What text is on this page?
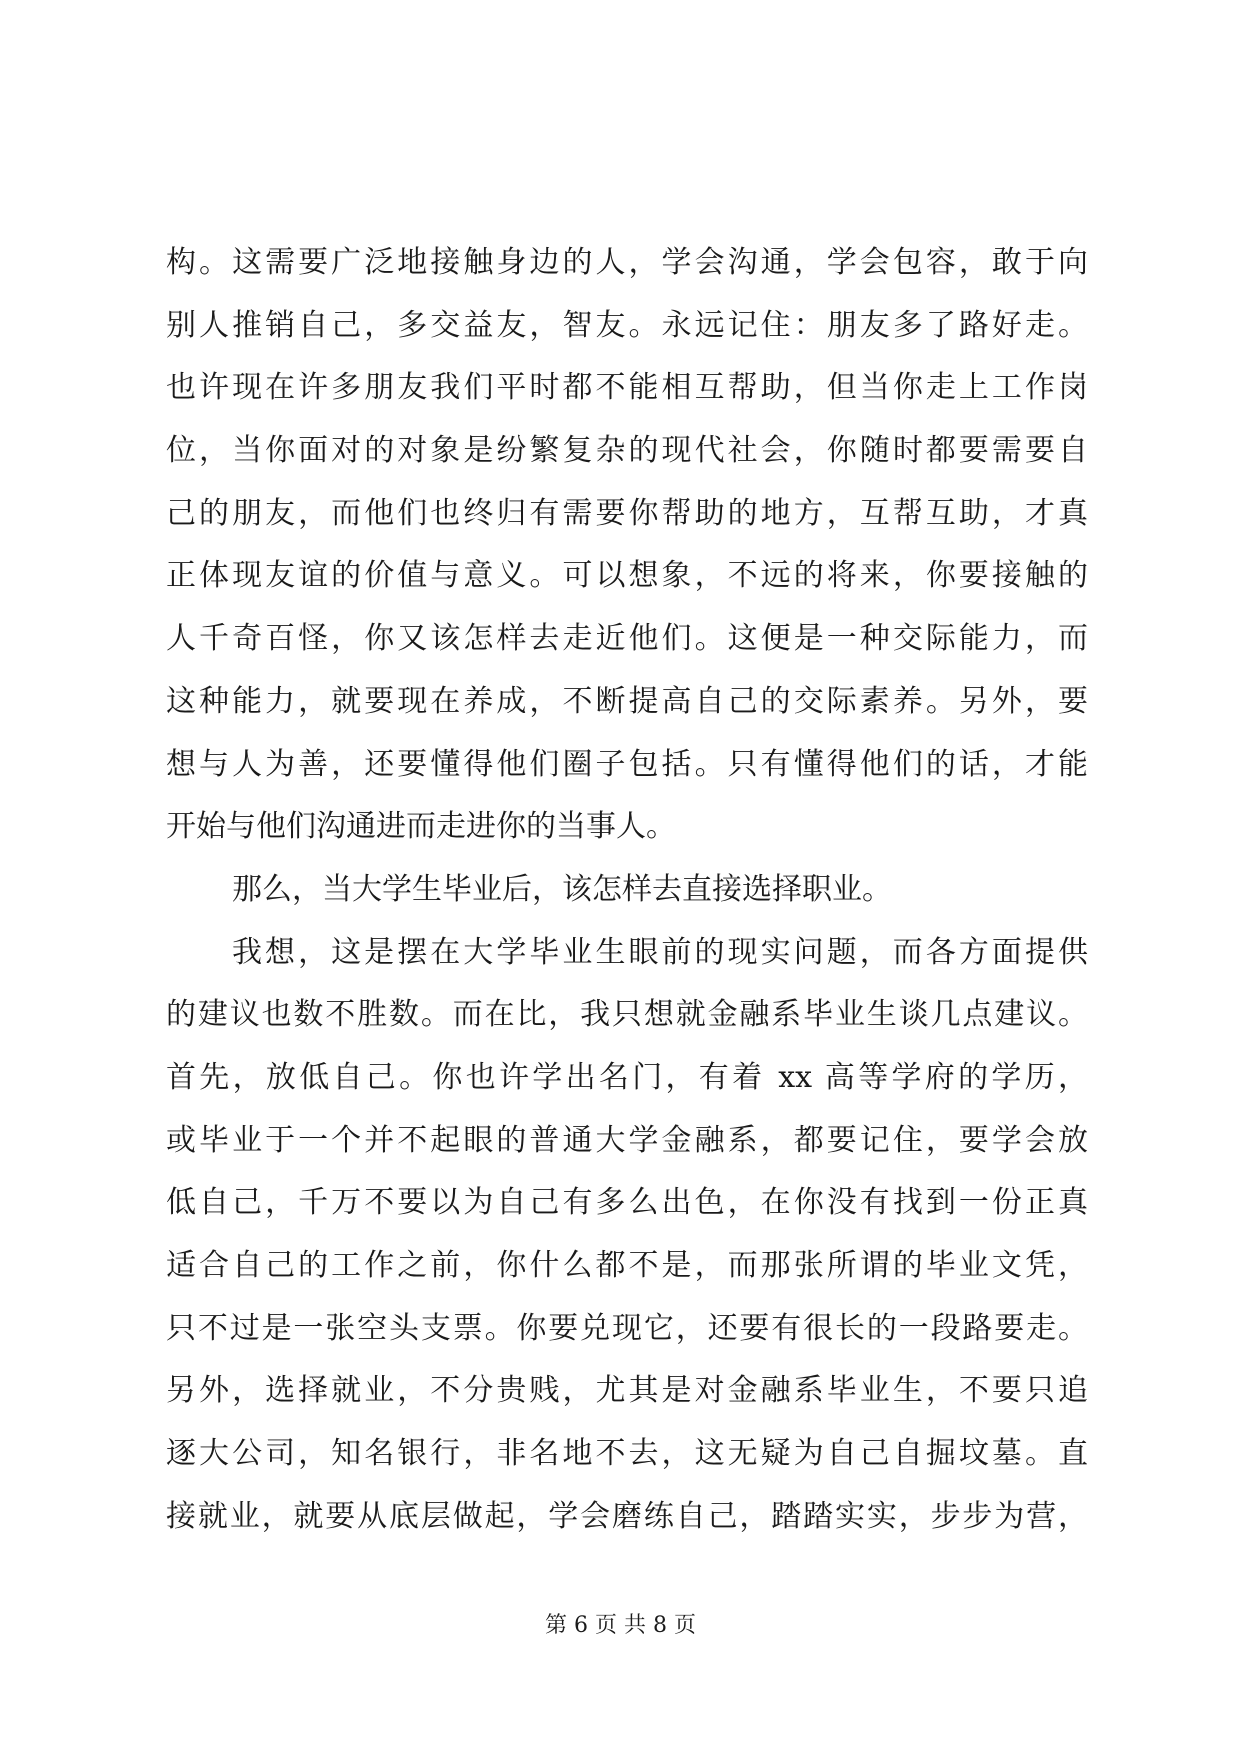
构。这需要广泛地接触身边的人，学会沟通，学会包容，敢于向
别人推销自己，多交益友，智友。永远记住：朋友多了路好走。
也许现在许多朋友我们平时都不能相互帮助，但当你走上工作岗
位，当你面对的对象是纷繁复杂的现代社会，你随时都要需要自
己的朋友，而他们也终归有需要你帮助的地方，互帮互助，才真
正体现友谊的价值与意义。可以想象，不远的将来，你要接触的
人千奇百怪，你又该怎样去走近他们。这便是一种交际能力，而
这种能力，就要现在养成，不断提高自己的交际素养。另外，要
想与人为善，还要懂得他们圈子包括。只有懂得他们的话，才能
开始与他们沟通进而走进你的当事人。
那么，当大学生毕业后，该怎样去直接选择职业。
我想，这是摆在大学毕业生眼前的现实问题，而各方面提供
的建议也数不胜数。而在比，我只想就金融系毕业生谈几点建议。
首先，放低自己。你也许学出名门，有着 xx 高等学府的学历，
或毕业于一个并不起眼的普通大学金融系，都要记住，要学会放
低自己，千万不要以为自己有多么出色，在你没有找到一份正真
适合自己的工作之前，你什么都不是，而那张所谓的毕业文凭，
只不过是一张空头支票。你要兑现它，还要有很长的一段路要走。
另外，选择就业，不分贵贱，尤其是对金融系毕业生，不要只追
逐大公司，知名银行，非名地不去，这无疑为自己自掘坟墓。直
接就业，就要从底层做起，学会磨练自己，踏踏实实，步步为营，
第 6 页 共 8 页
